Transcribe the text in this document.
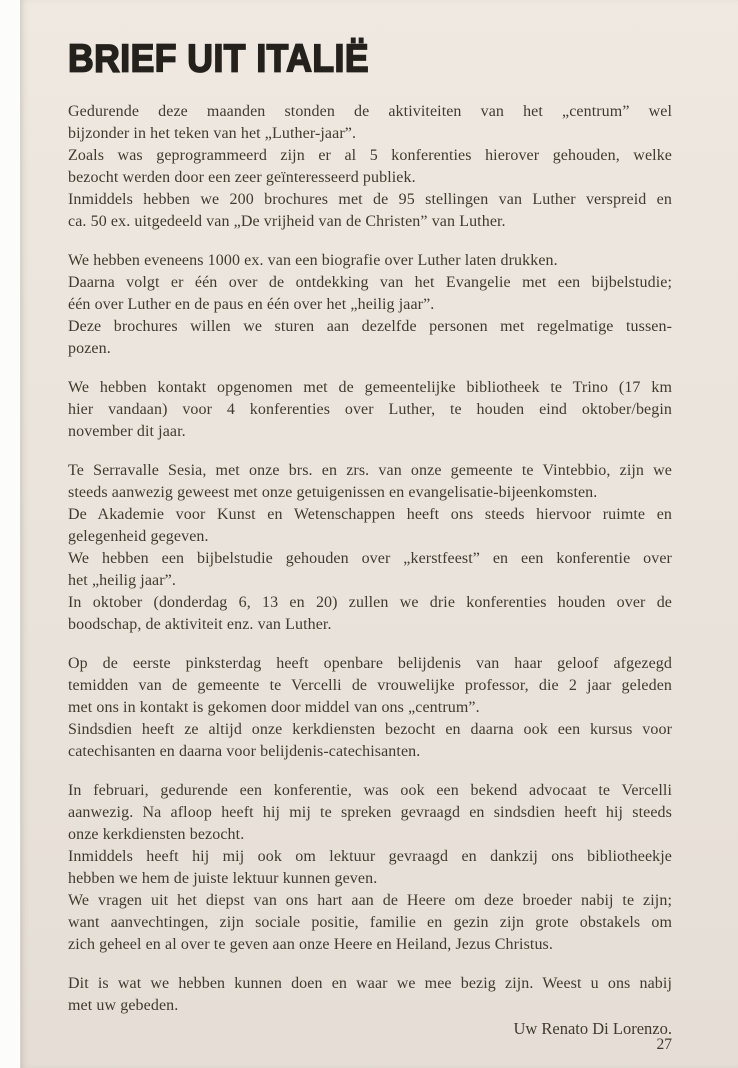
BRIEF UIT ITALIË
Gedurende deze maanden stonden de aktiviteiten van het „centrum” wel
bijzonder in het teken van het „Luther-jaar”.
Zoals was geprogrammeerd zijn er al 5 konferenties hierover gehouden, welke
bezocht werden door een zeer geïnteresseerd publiek.
Inmiddels hebben we 200 brochures met de 95 stellingen van Luther verspreid en
ca. 50 ex. uitgedeeld van „De vrijheid van de Christen” van Luther.
We hebben eveneens 1000 ex. van een biografie over Luther laten drukken.
Daarna volgt er één over de ontdekking van het Evangelie met een bijbelstudie;
één over Luther en de paus en één over het „heilig jaar”.
Deze brochures willen we sturen aan dezelfde personen met regelmatige tussen-
pozen.
We hebben kontakt opgenomen met de gemeentelijke bibliotheek te Trino (17 km
hier vandaan) voor 4 konferenties over Luther, te houden eind oktober/begin
november dit jaar.
Te Serravalle Sesia, met onze brs. en zrs. van onze gemeente te Vintebbio, zijn we
steeds aanwezig geweest met onze getuigenissen en evangelisatie-bijeenkomsten.
De Akademie voor Kunst en Wetenschappen heeft ons steeds hiervoor ruimte en
gelegenheid gegeven.
We hebben een bijbelstudie gehouden over „kerstfeest” en een konferentie over
het „heilig jaar”.
In oktober (donderdag 6, 13 en 20) zullen we drie konferenties houden over de
boodschap, de aktiviteit enz. van Luther.
Op de eerste pinksterdag heeft openbare belijdenis van haar geloof afgezegd
temidden van de gemeente te Vercelli de vrouwelijke professor, die 2 jaar geleden
met ons in kontakt is gekomen door middel van ons „centrum”.
Sindsdien heeft ze altijd onze kerkdiensten bezocht en daarna ook een kursus voor
catechisanten en daarna voor belijdenis-catechisanten.
In februari, gedurende een konferentie, was ook een bekend advocaat te Vercelli
aanwezig. Na afloop heeft hij mij te spreken gevraagd en sindsdien heeft hij steeds
onze kerkdiensten bezocht.
Inmiddels heeft hij mij ook om lektuur gevraagd en dankzij ons bibliotheekje
hebben we hem de juiste lektuur kunnen geven.
We vragen uit het diepst van ons hart aan de Heere om deze broeder nabij te zijn;
want aanvechtingen, zijn sociale positie, familie en gezin zijn grote obstakels om
zich geheel en al over te geven aan onze Heere en Heiland, Jezus Christus.
Dit is wat we hebben kunnen doen en waar we mee bezig zijn. Weest u ons nabij
met uw gebeden.
Uw Renato Di Lorenzo.
27
